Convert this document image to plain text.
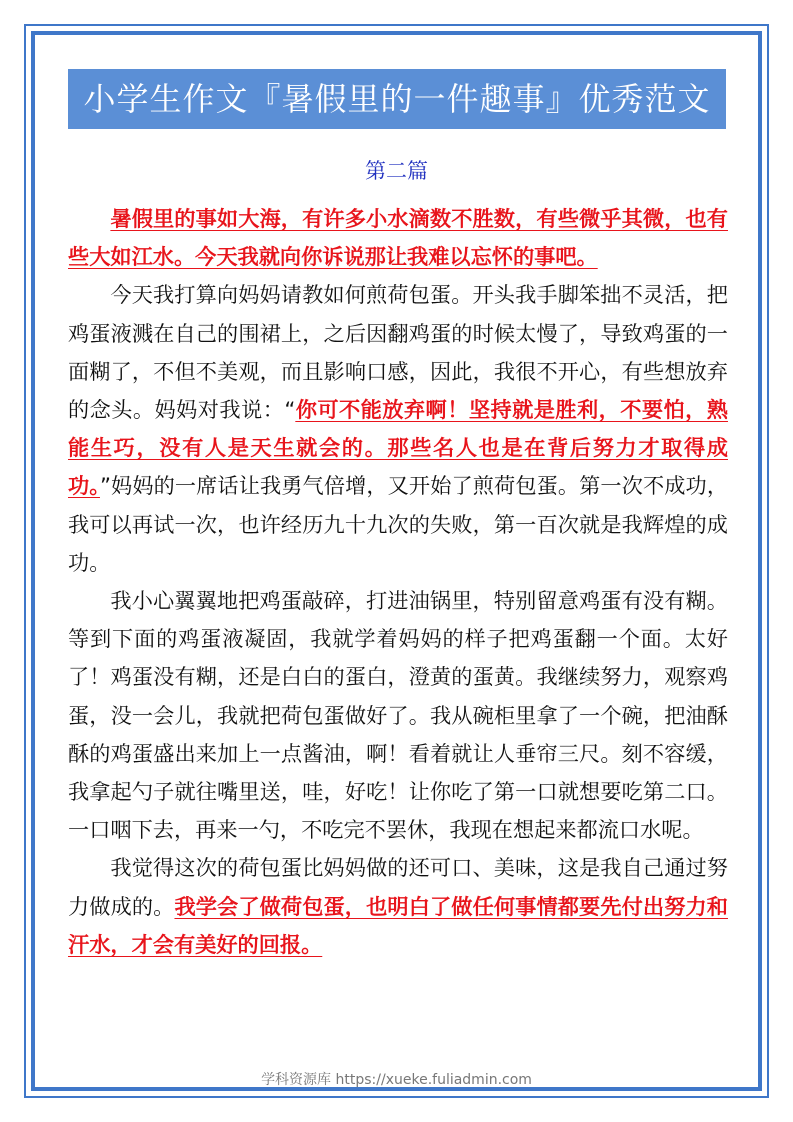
小学生作文『暑假里的一件趣事』优秀范文
第二篇

暑假里的事如大海，有许多小水滴数不胜数，有些微乎其微，也有些大如江水。今天我就向你诉说那让我难以忘怀的事吧。

今天我打算向妈妈请教如何煎荷包蛋。开头我手脚笨拙不灵活，把鸡蛋液溅在自己的围裙上，之后因翻鸡蛋的时候太慢了，导致鸡蛋的一面糊了，不但不美观，而且影响口感，因此，我很不开心，有些想放弃的念头。妈妈对我说：“你可不能放弃啊！坚持就是胜利，不要怕，熟能生巧，没有人是天生就会的。那些名人也是在背后努力才取得成功。”妈妈的一席话让我勇气倍增，又开始了煎荷包蛋。第一次不成功，我可以再试一次，也许经历九十九次的失败，第一百次就是我辉煌的成功。

我小心翼翼地把鸡蛋敲碎，打进油锅里，特别留意鸡蛋有没有糊。等到下面的鸡蛋液凝固，我就学着妈妈的样子把鸡蛋翻一个面。太好了！鸡蛋没有糊，还是白白的蛋白，澄黄的蛋黄。我继续努力，观察鸡蛋，没一会儿，我就把荷包蛋做好了。我从碗柜里拿了一个碗，把油酥酥的鸡蛋盛出来加上一点酱油，啊！看着就让人垂帘三尺。刻不容缓，我拿起勺子就往嘴里送，哇，好吃！让你吃了第一口就想要吃第二口。一口咽下去，再来一勺，不吃完不罢休，我现在想起来都流口水呢。

我觉得这次的荷包蛋比妈妈做的还可口、美味，这是我自己通过努力做成的。我学会了做荷包蛋，也明白了做任何事情都要先付出努力和汗水，才会有美好的回报。

学科资源库 https://xueke.fuliadmin.com
